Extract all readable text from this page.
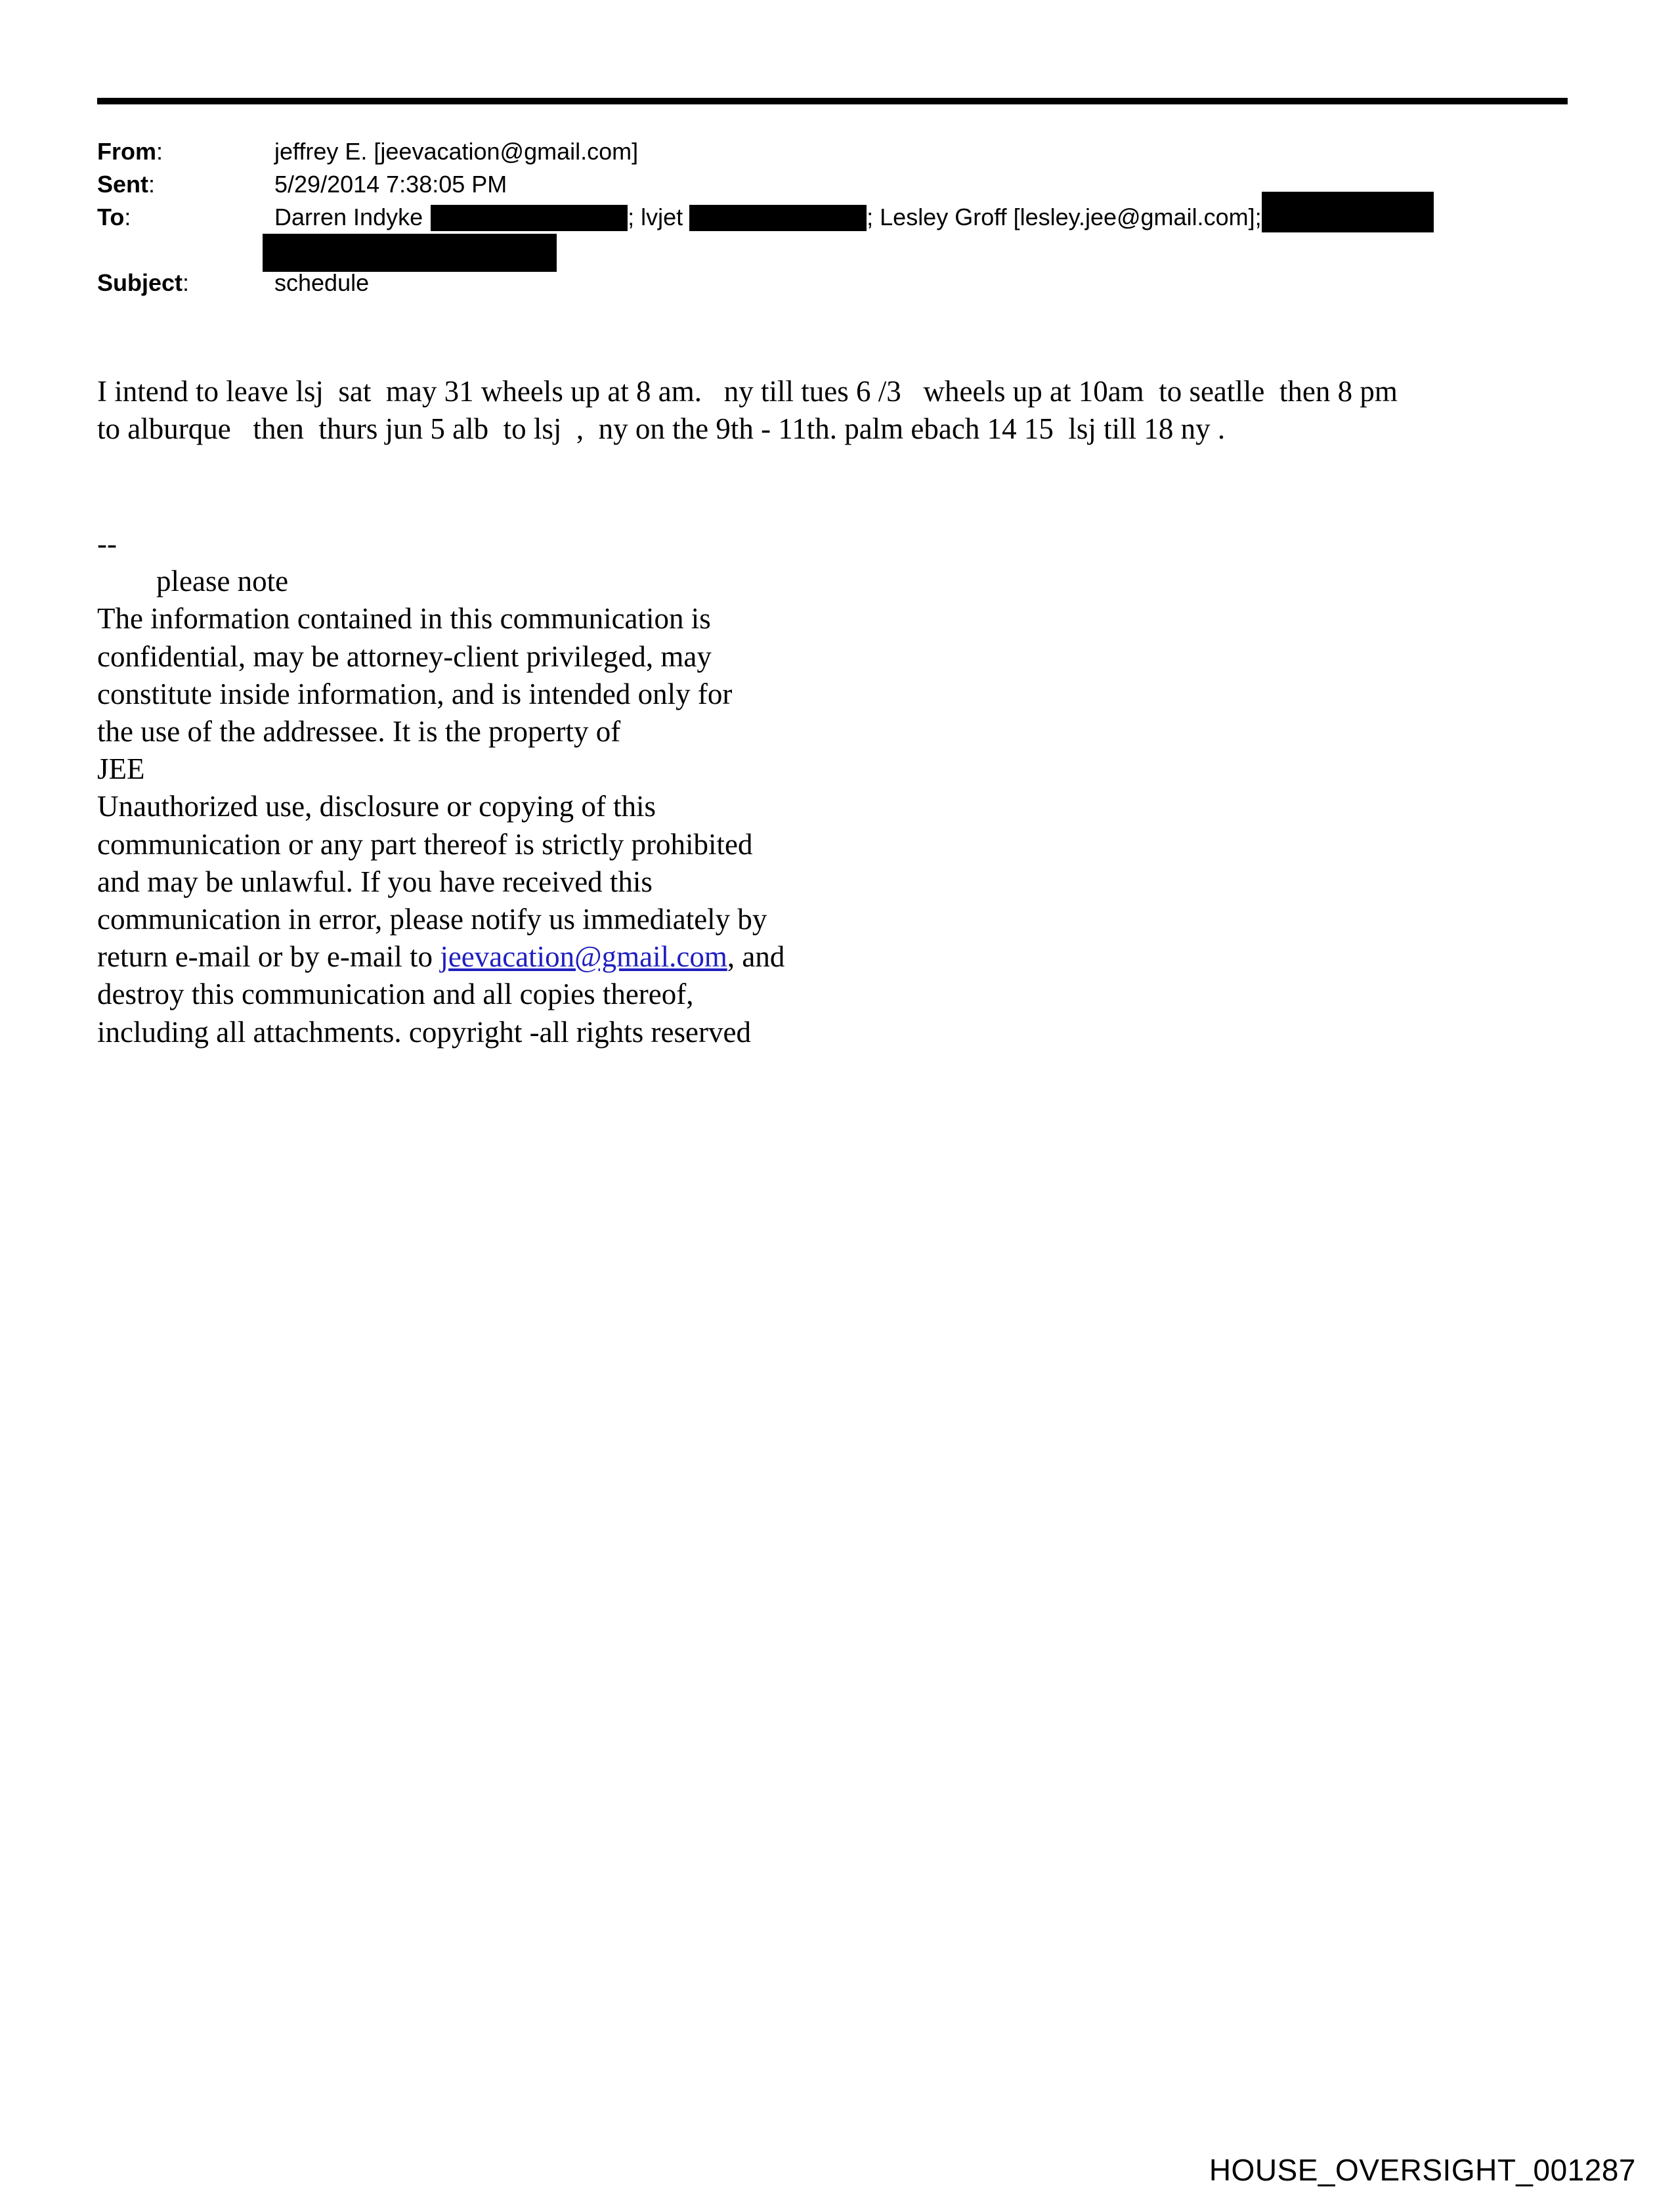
From:	jeffrey E. [jeevacation@gmail.com]
Sent:	5/29/2014 7:38:05 PM
To:	Darren Indyke	; lvjet	; Lesley Groff [lesley.jee@gmail.com];
Subject:	schedule
I intend to leave lsj  sat  may 31 wheels up at 8 am.   ny till tues 6 /3   wheels up at 10am  to seatlle  then 8 pm
to alburque   then  thurs jun 5 alb  to lsj  ,  ny on the 9th - 11th. palm ebach 14 15  lsj till 18 ny .
--
please note
The information contained in this communication is
confidential, may be attorney-client privileged, may
constitute inside information, and is intended only for
the use of the addressee. It is the property of
JEE
Unauthorized use, disclosure or copying of this
communication or any part thereof is strictly prohibited
and may be unlawful. If you have received this
communication in error, please notify us immediately by
return e-mail or by e-mail to jeevacation@gmail.com, and
destroy this communication and all copies thereof,
including all attachments. copyright -all rights reserved
HOUSE_OVERSIGHT_001287
